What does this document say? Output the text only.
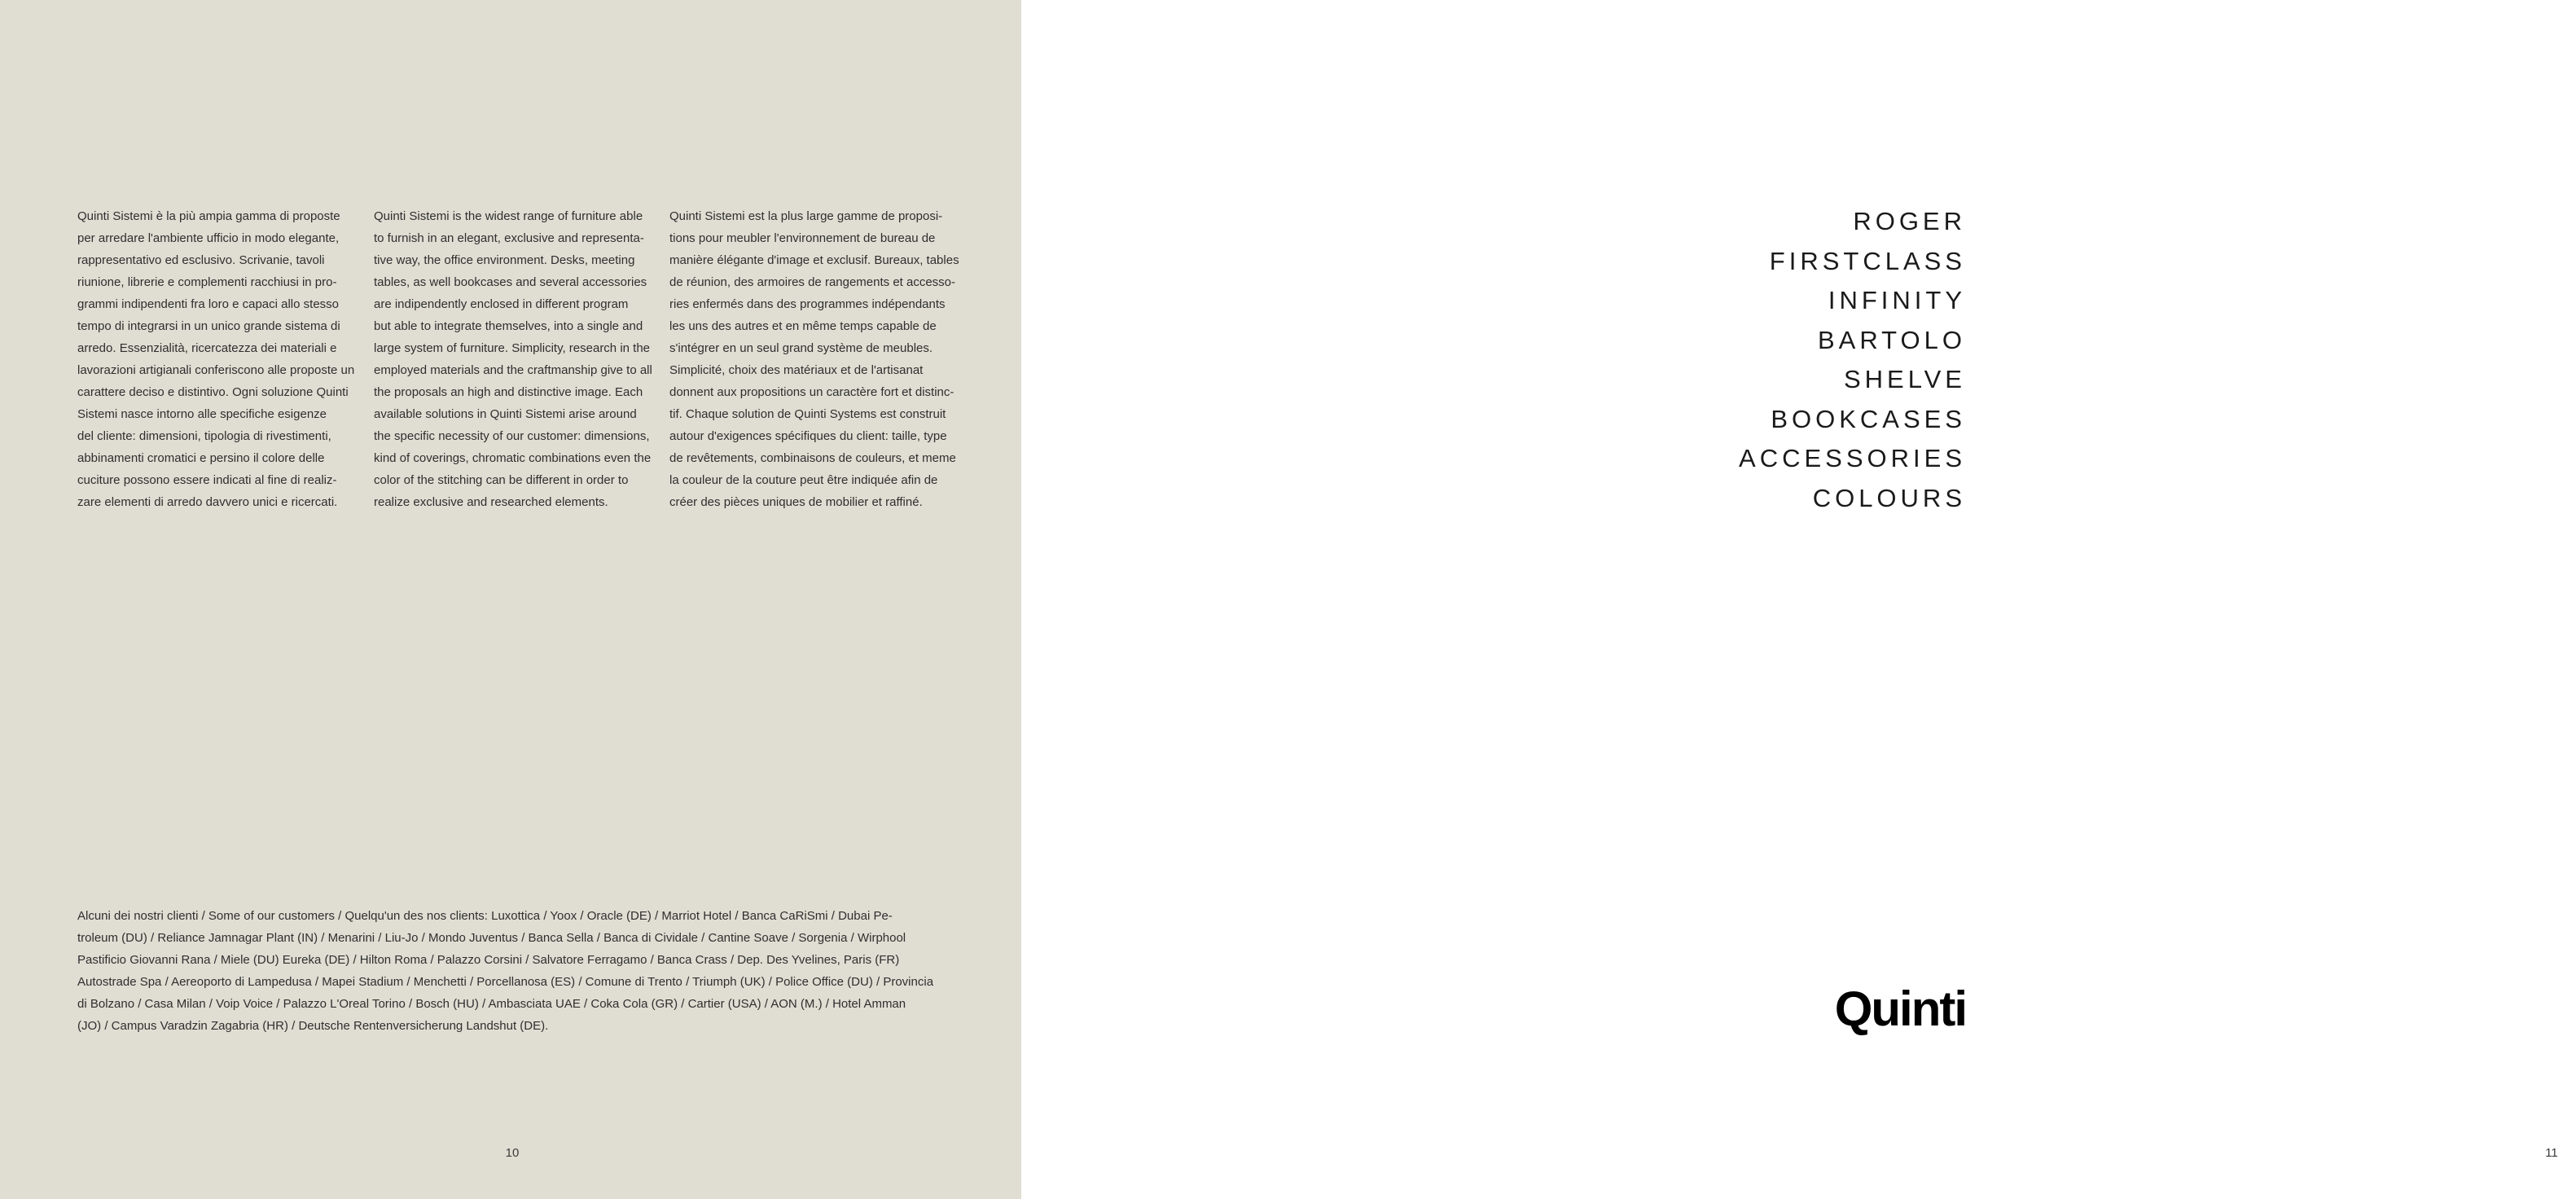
Quinti Sistemi è la più ampia gamma di proposte
per arredare l'ambiente ufficio in modo elegante,
rappresentativo ed esclusivo. Scrivanie, tavoli
riunione, librerie e complementi racchiusi in pro-
grammi indipendenti fra loro e capaci allo stesso
tempo di integrarsi in un unico grande sistema di
arredo. Essenzialità, ricercatezza dei materiali e
lavorazioni artigianali conferiscono alle proposte un
carattere deciso e distintivo. Ogni soluzione Quinti
Sistemi nasce intorno alle specifiche esigenze
del cliente: dimensioni, tipologia di rivestimenti,
abbinamenti cromatici e persino il colore delle
cuciture possono essere indicati al fine di realiz-
zare elementi di arredo davvero unici e ricercati.
Quinti Sistemi is the widest range of furniture able
to furnish in an elegant, exclusive and representa-
tive way, the office environment. Desks, meeting
tables, as well bookcases and several accessories
are indipendently enclosed in different program
but able to integrate themselves, into a single and
large system of furniture. Simplicity, research in the
employed materials and the craftmanship give to all
the proposals an high and distinctive image. Each
available solutions in Quinti Sistemi arise around
the specific necessity of our customer: dimensions,
kind of coverings, chromatic combinations even the
color of the stitching can be different in order to
realize exclusive and researched elements.
Quinti Sistemi est la plus large gamme de proposi-
tions pour meubler l'environnement de bureau de
manière élégante d'image et exclusif. Bureaux, tables
de réunion, des armoires de rangements et accesso-
ries enfermés dans des programmes indépendants
les uns des autres et en même temps capable de
s'intégrer en un seul grand système de meubles.
Simplicité, choix des matériaux et de l'artisanat
donnent aux propositions un caractère fort et distinc-
tif. Chaque solution de Quinti Systems est construit
autour d'exigences spécifiques du client: taille, type
de revêtements, combinaisons de couleurs, et meme
la couleur de la couture peut être indiquée afin de
créer des pièces uniques de mobilier et raffiné.
Alcuni dei nostri clienti / Some of our customers / Quelqu'un des nos clients: Luxottica / Yoox / Oracle (DE) / Marriot Hotel / Banca CaRiSmi / Dubai Pe-
troleum (DU) / Reliance Jamnagar Plant (IN) / Menarini / Liu-Jo / Mondo Juventus / Banca Sella / Banca di Cividale / Cantine Soave / Sorgenia / Wirphool
Pastificio Giovanni Rana / Miele (DU) Eureka (DE) / Hilton Roma / Palazzo Corsini / Salvatore Ferragamo / Banca Crass / Dep. Des Yvelines, Paris (FR)
Autostrade Spa / Aereoporto di Lampedusa / Mapei Stadium / Menchetti / Porcellanosa (ES) / Comune di Trento / Triumph (UK) / Police Office (DU) / Provincia
di Bolzano / Casa Milan / Voip Voice / Palazzo L'Oreal Torino / Bosch (HU) / Ambasciata UAE / Coka Cola (GR) / Cartier (USA) / AON (M.) / Hotel Amman
(JO) / Campus Varadzin Zagabria (HR) / Deutsche Rentenversicherung Landshut (DE).
10
ROGER
FIRSTCLASS
INFINITY
BARTOLO
SHELVE
BOOKCASES
ACCESSORIES
COLOURS
Quinti
11
